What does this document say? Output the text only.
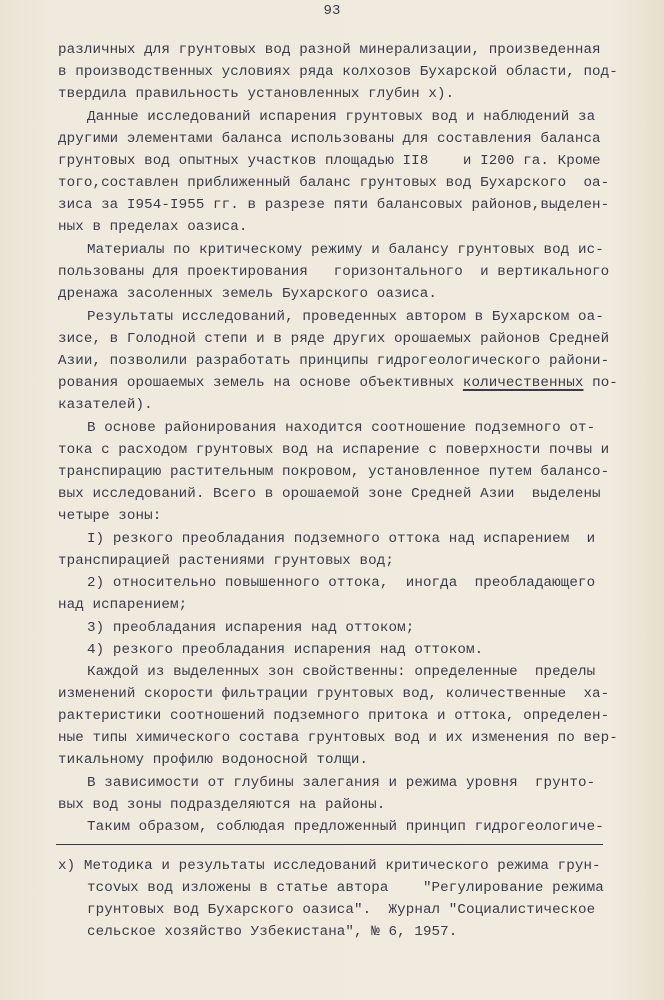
93
различных для грунтовых вод разной минерализации, произведенная
в производственных условиях ряда колхозов Бухарской области, под-
твердила правильность установленных глубин х).
Данные исследований испарения грунтовых вод и наблюдений за
другими элементами баланса использованы для составления баланса
грунтовых вод опытных участков площадью II8    и I200 га. Кроме
того,составлен приближенный баланс грунтовых вод Бухарского  оа-
зиса за I954-I955 гг. в разрезе пяти балансовых районов,выделен-
ных в пределах оазиса.
Материалы по критическому режиму и балансу грунтовых вод ис-
пользованы для проектирования   горизонтального  и вертикального
дренажа засоленных земель Бухарского оазиса.
Результаты исследований, проведенных автором в Бухарском оа-
зисе, в Голодной степи и в ряде других орошаемых районов Средней
Азии, позволили разработать принципы гидрогеологического райони-
рования орошаемых земель на основе объективных количественных по-
казателей).
В основе районирования находится соотношение подземного от-
тока с расходом грунтовых вод на испарение с поверхности почвы и
транспирацию растительным покровом, установленное путем балансо-
вых исследований. Всего в орошаемой зоне Средней Азии  выделены
четыре зоны:
I) резкого преобладания подземного оттока над испарением  и
транспирацией растениями грунтовых вод;
2) относительно повышенного оттока,  иногда  преобладающего
над испарением;
3) преобладания испарения над оттоком;
4) резкого преобладания испарения над оттоком.
Каждой из выделенных зон свойственны: определенные  пределы
изменений скорости фильтрации грунтовых вод, количественные  ха-
рактеристики соотношений подземного притока и оттока, определен-
ные типы химического состава грунтовых вод и их изменения по вер-
тикальному профилю водоносной толщи.
В зависимости от глубины залегания и режима уровня  грунто-
вых вод зоны подразделяются на районы.
Таким образом, соблюдая предложенный принцип гидрогеологиче-
х) Методика и результаты исследований критического режима грун-
тcovых вод изложены в статье автора    "Регулирование режима
грунтовых вод Бухарского оазиса".  Журнал "Социалистическое
сельское хозяйство Узбекистана", № 6, 1957.
